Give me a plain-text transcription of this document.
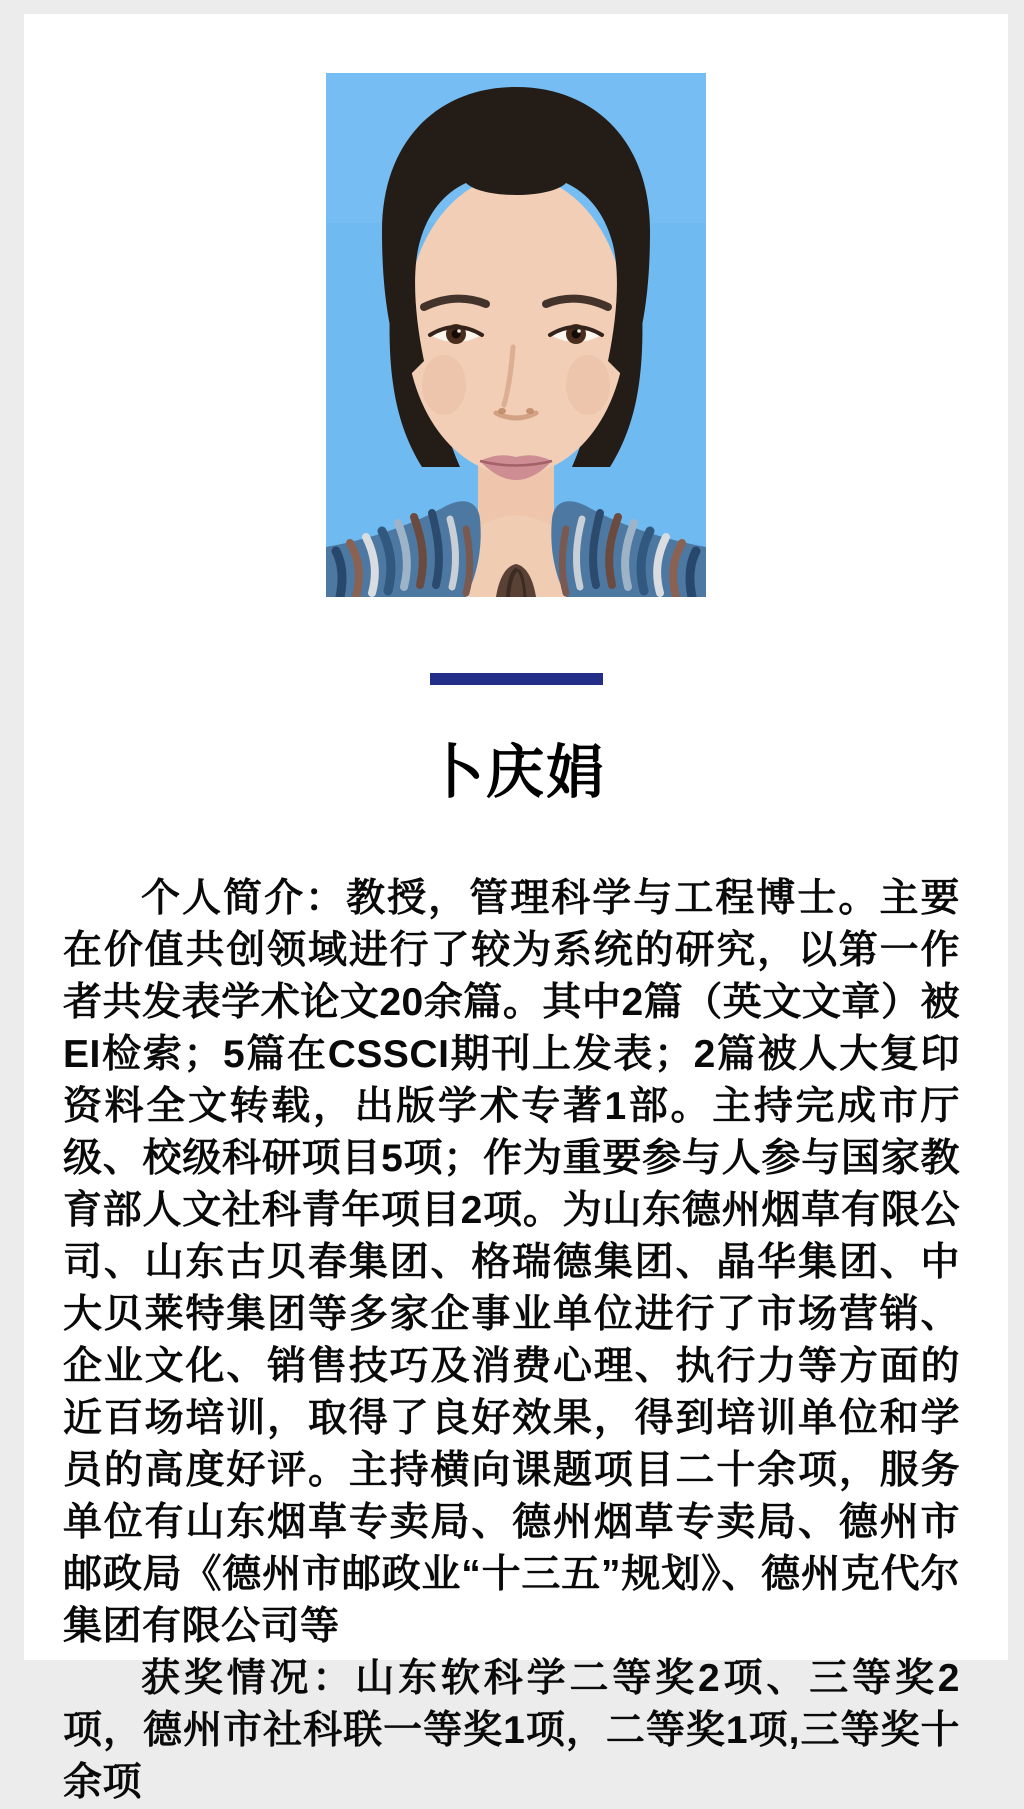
卜庆娟

个人简介：教授，管理科学与工程博士。主要在价值共创领域进行了较为系统的研究，以第一作者共发表学术论文20余篇。其中2篇（英文文章）被EI检索；5篇在CSSCI期刊上发表；2篇被人大复印资料全文转载，出版学术专著1部。主持完成市厅级、校级科研项目5项；作为重要参与人参与国家教育部人文社科青年项目2项。为山东德州烟草有限公司、山东古贝春集团、格瑞德集团、晶华集团、中大贝莱特集团等多家企事业单位进行了市场营销、企业文化、销售技巧及消费心理、执行力等方面的近百场培训，取得了良好效果，得到培训单位和学员的高度好评。主持横向课题项目二十余项，服务单位有山东烟草专卖局、德州烟草专卖局、德州市邮政局《德州市邮政业“十三五”规划》、德州克代尔集团有限公司等

获奖情况：山东软科学二等奖2项、三等奖2项，德州市社科联一等奖1项，二等奖1项,三等奖十余项
